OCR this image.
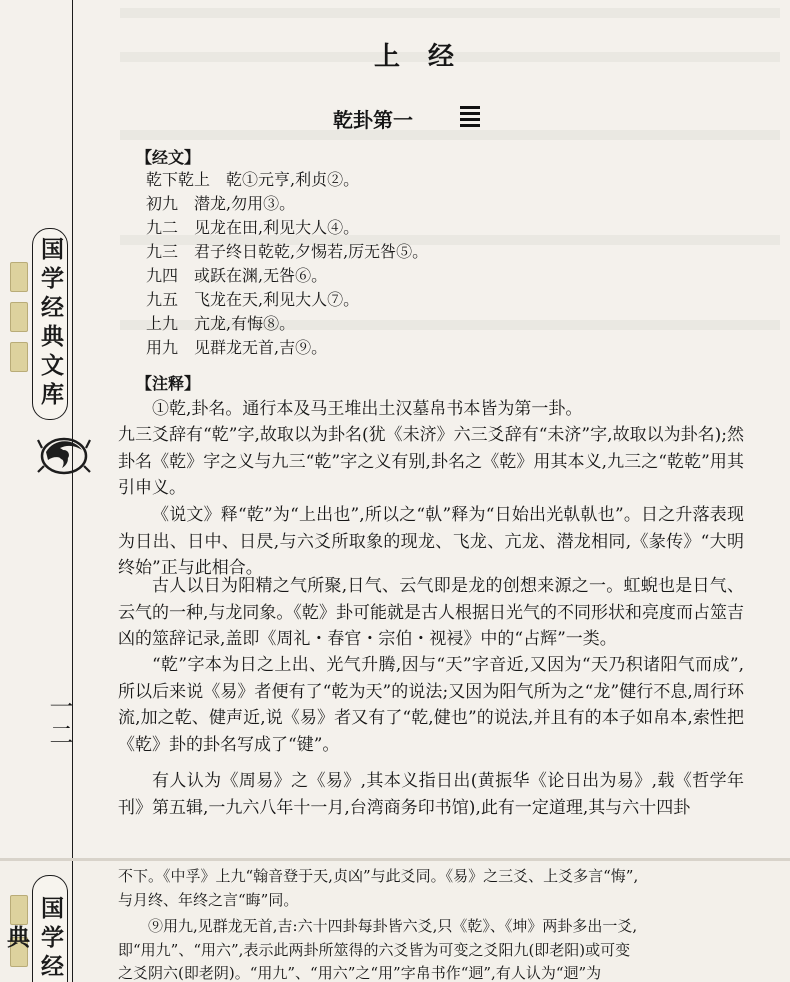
国学经典文库
一二
上经
乾卦第一
【经文】
乾下乾上 乾①元亨,利贞②。
初九 潜龙,勿用③。
九二 见龙在田,利见大人④。
九三 君子终日乾乾,夕惕若,厉无咎⑤。
九四 或跃在渊,无咎⑥。
九五 飞龙在天,利见大人⑦。
上九 亢龙,有悔⑧。
用九 见群龙无首,吉⑨。
【注释】
①乾,卦名。通行本及马王堆出土汉墓帛书本皆为第一卦。
九三爻辞有“乾”字,故取以为卦名(犹《未济》六三爻辞有“未济”字,故取以为卦名);然卦名《乾》字之义与九三“乾”字之义有别,卦名之《乾》用其本义,九三之“乾乾”用其引申义。
《说文》释“乾”为“上出也”,所以之“倝”释为“日始出光倝倝也”。日之升落表现为日出、日中、日昃,与六爻所取象的现龙、飞龙、亢龙、潜龙相同,《彖传》“大明终始”正与此相合。
古人以日为阳精之气所聚,日气、云气即是龙的创想来源之一。虹蜺也是日气、云气的一种,与龙同象。《乾》卦可能就是古人根据日光气的不同形状和亮度而占筮吉凶的筮辞记录,盖即《周礼・春官・宗伯・视祲》中的“占辉”一类。
“乾”字本为日之上出、光气升腾,因与“天”字音近,又因为“天乃积诸阳气而成”,所以后来说《易》者便有了“乾为天”的说法;又因为阳气所为之“龙”健行不息,周行环流,加之乾、健声近,说《易》者又有了“乾,健也”的说法,并且有的本子如帛本,索性把《乾》卦的卦名写成了“键”。
有人认为《周易》之《易》,其本义指日出(黄振华《论日出为易》,载《哲学年刊》第五辑,一九六八年十一月,台湾商务印书馆),此有一定道理,其与六十四卦
国学经典
不下。《中孚》上九“翰音登于天,贞凶”与此爻同。《易》之三爻、上爻多言“悔”,
与月终、年终之言“晦”同。
⑨用九,见群龙无首,吉:六十四卦每卦皆六爻,只《乾》、《坤》两卦多出一爻,
即“用九”、“用六”,表示此两卦所筮得的六爻皆为可变之爻阳九(即老阳)或可变
之爻阴六(即老阴)。“用九”、“用六”之“用”字帛书作“迵”,有人认为“迵”为
